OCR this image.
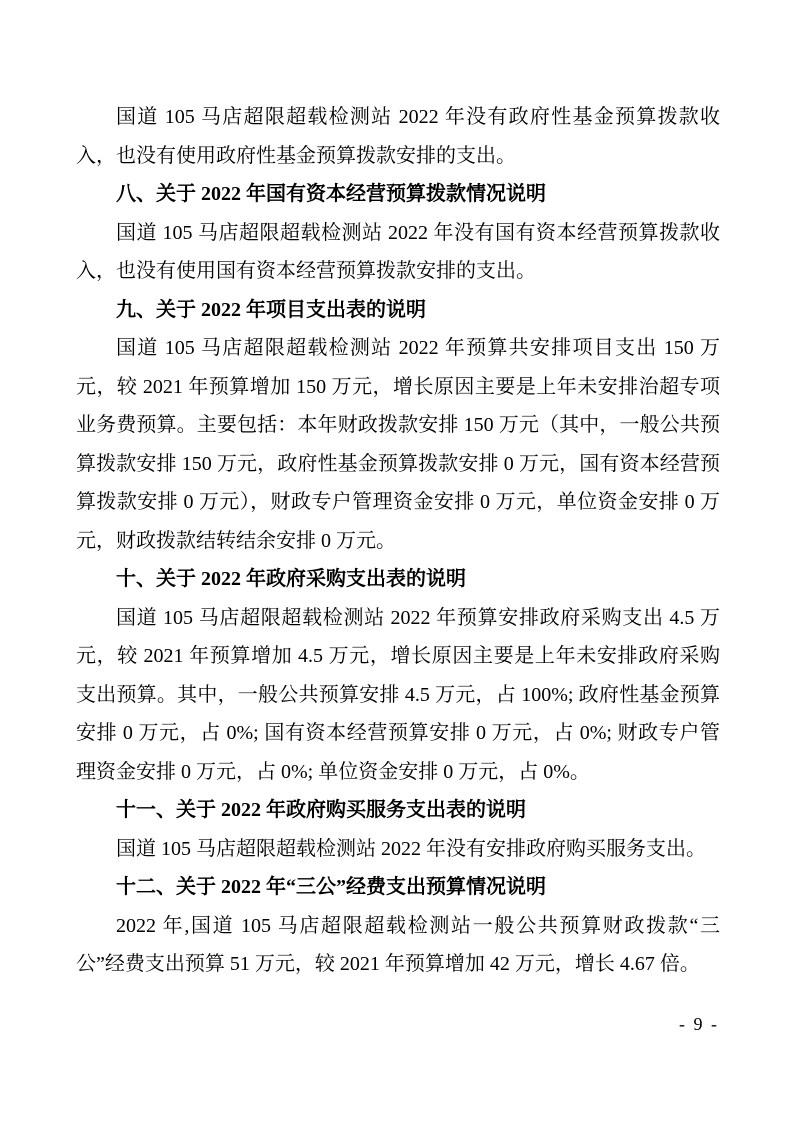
国道 105 马店超限超载检测站 2022 年没有政府性基金预算拨款收入，也没有使用政府性基金预算拨款安排的支出。

八、关于 2022 年国有资本经营预算拨款情况说明

国道 105 马店超限超载检测站 2022 年没有国有资本经营预算拨款收入，也没有使用国有资本经营预算拨款安排的支出。

九、关于 2022 年项目支出表的说明

国道 105 马店超限超载检测站 2022 年预算共安排项目支出 150 万元，较 2021 年预算增加 150 万元，增长原因主要是上年未安排治超专项业务费预算。主要包括：本年财政拨款安排 150 万元（其中，一般公共预算拨款安排 150 万元，政府性基金预算拨款安排 0 万元，国有资本经营预算拨款安排 0 万元），财政专户管理资金安排 0 万元，单位资金安排 0 万元，财政拨款结转结余安排 0 万元。

十、关于 2022 年政府采购支出表的说明

国道 105 马店超限超载检测站 2022 年预算安排政府采购支出 4.5 万元，较 2021 年预算增加 4.5 万元，增长原因主要是上年未安排政府采购支出预算。其中，一般公共预算安排 4.5 万元，占 100%; 政府性基金预算安排 0 万元，占 0%; 国有资本经营预算安排 0 万元，占 0%; 财政专户管理资金安排 0 万元，占 0%; 单位资金安排 0 万元，占 0%。

十一、关于 2022 年政府购买服务支出表的说明

国道 105 马店超限超载检测站 2022 年没有安排政府购买服务支出。

十二、关于 2022 年“三公”经费支出预算情况说明

2022 年,国道 105 马店超限超载检测站一般公共预算财政拨款“三公”经费支出预算 51 万元，较 2021 年预算增加 42 万元，增长 4.67 倍。

- 9 -
